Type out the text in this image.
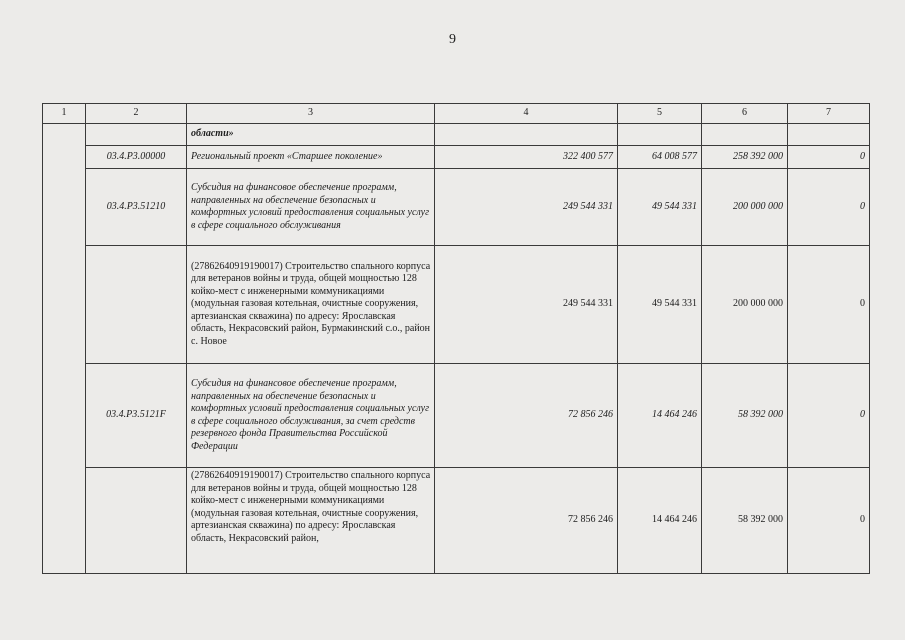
9
1	2	3	4	5	6	7
		области»				
	03.4.Р3.00000	Региональный проект «Старшее поколение»	322 400 577	64 008 577	258 392 000	0
	03.4.Р3.51210	Субсидия на финансовое обеспечение программ, направленных на обеспечение безопасных и комфортных условий предоставления социальных услуг в сфере социального обслуживания	249 544 331	49 544 331	200 000 000	0
		(27862640919190017) Строительство спального корпуса для ветеранов войны и труда, общей мощностью 128 койко-мест с инженерными коммуникациями (модульная газовая котельная, очистные сооружения, артезианская скважина) по адресу: Ярославская область, Некрасовский район, Бурмакинский с.о., район с. Новое	249 544 331	49 544 331	200 000 000	0
	03.4.Р3.5121F	Субсидия на финансовое обеспечение программ, направленных на обеспечение безопасных и комфортных условий предоставления социальных услуг в сфере социального обслуживания, за счет средств резервного фонда Правительства Российской Федерации	72 856 246	14 464 246	58 392 000	0
		(27862640919190017) Строительство спального корпуса для ветеранов войны и труда, общей мощностью 128 койко-мест с инженерными коммуникациями (модульная газовая котельная, очистные сооружения, артезианская скважина) по адресу: Ярославская область, Некрасовский район,	72 856 246	14 464 246	58 392 000	0
